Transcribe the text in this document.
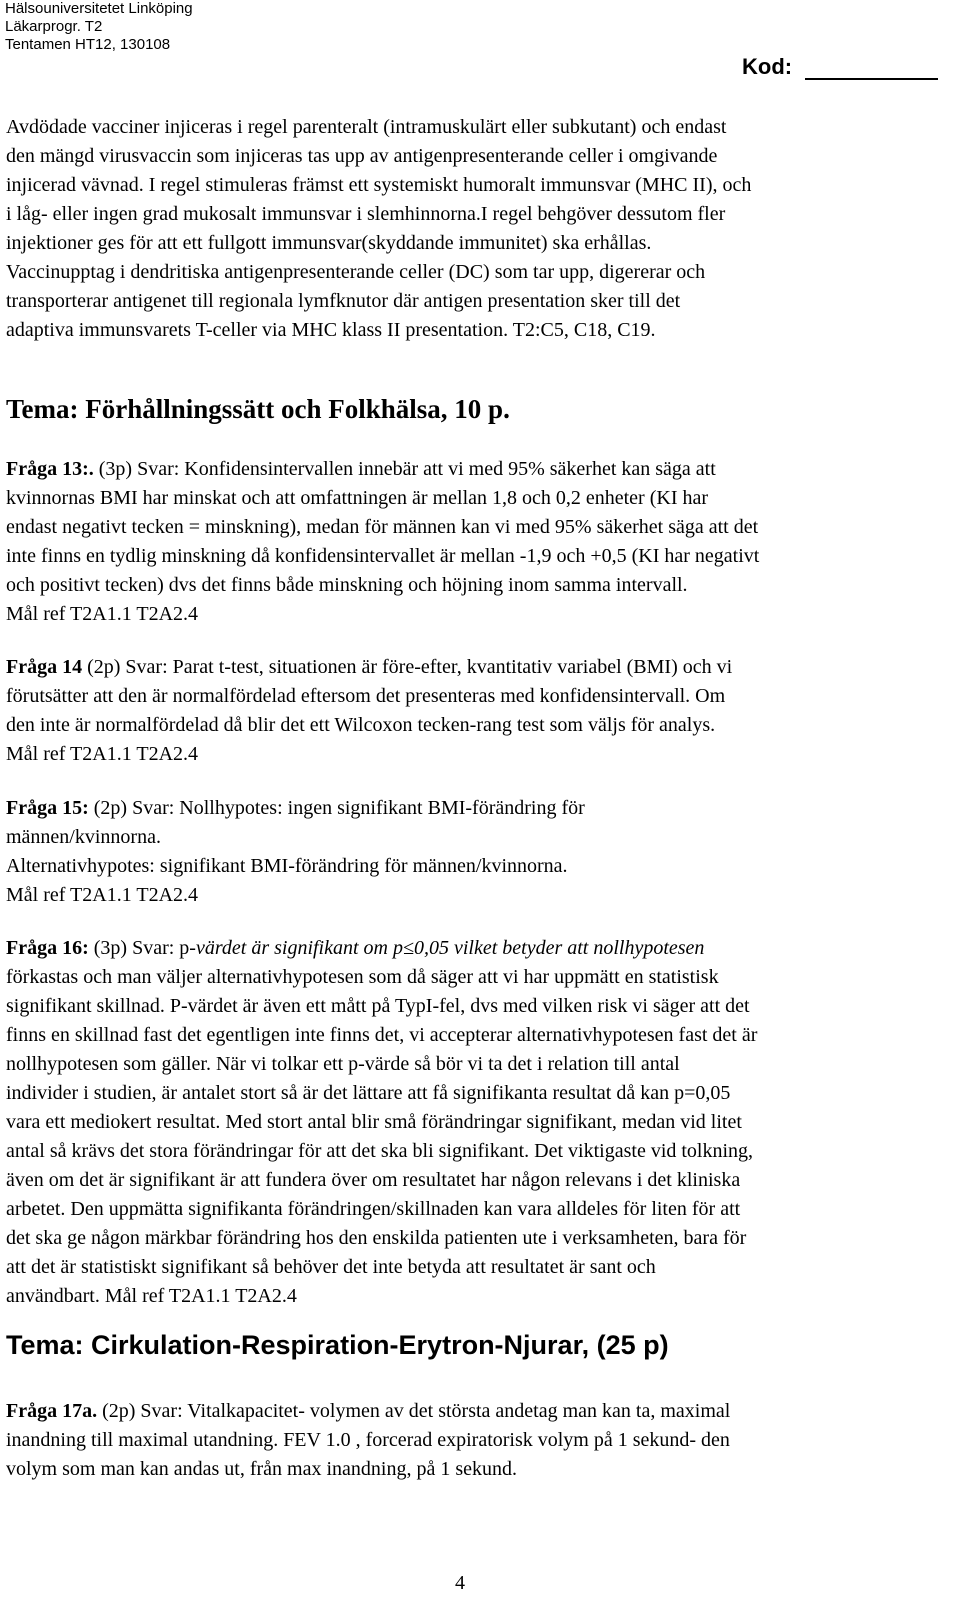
Hälsouniversitetet Linköping
Läkarprogr. T2
Tentamen HT12, 130108
Kod:
Avdödade vacciner injiceras i regel parenteralt (intramuskulärt eller subkutant) och endast
den mängd virusvaccin som injiceras tas upp av antigenpresenterande celler i omgivande
injicerad vävnad. I regel stimuleras främst ett systemiskt humoralt immunsvar (MHC II), och
i låg- eller ingen grad mukosalt immunsvar i slemhinnorna.I regel behgöver dessutom fler
injektioner ges för att ett fullgott immunsvar(skyddande immunitet) ska erhållas.
Vaccinupptag i dendritiska antigenpresenterande celler (DC) som tar upp, digererar och
transporterar antigenet till regionala lymfknutor där antigen presentation sker till det
adaptiva immunsvarets T-celler via MHC klass II presentation. T2:C5, C18, C19.
Tema: Förhållningssätt och Folkhälsa, 10 p.
Fråga 13:. (3p) Svar: Konfidensintervallen innebär att vi med 95% säkerhet kan säga att
kvinnornas BMI har minskat och att omfattningen är mellan 1,8 och 0,2 enheter (KI har
endast negativt tecken = minskning), medan för männen kan vi med 95% säkerhet säga att det
inte finns en tydlig minskning då konfidensintervallet är mellan -1,9 och +0,5 (KI har negativt
och positivt tecken) dvs det finns både minskning och höjning inom samma intervall.
Mål ref T2A1.1 T2A2.4
Fråga 14 (2p) Svar: Parat t-test, situationen är före-efter, kvantitativ variabel (BMI) och vi
förutsätter att den är normalfördelad eftersom det presenteras med konfidensintervall. Om
den inte är normalfördelad då blir det ett Wilcoxon tecken-rang test som väljs för analys.
Mål ref T2A1.1 T2A2.4
Fråga 15: (2p) Svar: Nollhypotes: ingen signifikant BMI-förändring för
männen/kvinnorna.
Alternativhypotes: signifikant BMI-förändring för männen/kvinnorna.
Mål ref T2A1.1 T2A2.4
Fråga 16: (3p) Svar: p-värdet är signifikant om p≤0,05 vilket betyder att nollhypotesen
förkastas och man väljer alternativhypotesen som då säger att vi har uppmätt en statistisk
signifikant skillnad. P-värdet är även ett mått på TypI-fel, dvs med vilken risk vi säger att det
finns en skillnad fast det egentligen inte finns det, vi accepterar alternativhypotesen fast det är
nollhypotesen som gäller. När vi tolkar ett p-värde så bör vi ta det i relation till antal
individer i studien, är antalet stort så är det lättare att få signifikanta resultat då kan p=0,05
vara ett mediokert resultat. Med stort antal blir små förändringar signifikant, medan vid litet
antal så krävs det stora förändringar för att det ska bli signifikant. Det viktigaste vid tolkning,
även om det är signifikant är att fundera över om resultatet har någon relevans i det kliniska
arbetet. Den uppmätta signifikanta förändringen/skillnaden kan vara alldeles för liten för att
det ska ge någon märkbar förändring hos den enskilda patienten ute i verksamheten, bara för
att det är statistiskt signifikant så behöver det inte betyda att resultatet är sant och
användbart. Mål ref T2A1.1 T2A2.4
Tema: Cirkulation-Respiration-Erytron-Njurar, (25 p)
Fråga 17a. (2p) Svar: Vitalkapacitet- volymen av det största andetag man kan ta, maximal
inandning till maximal utandning. FEV 1.0 , forcerad expiratorisk volym på 1 sekund- den
volym som man kan andas ut, från max inandning, på 1 sekund.
4
